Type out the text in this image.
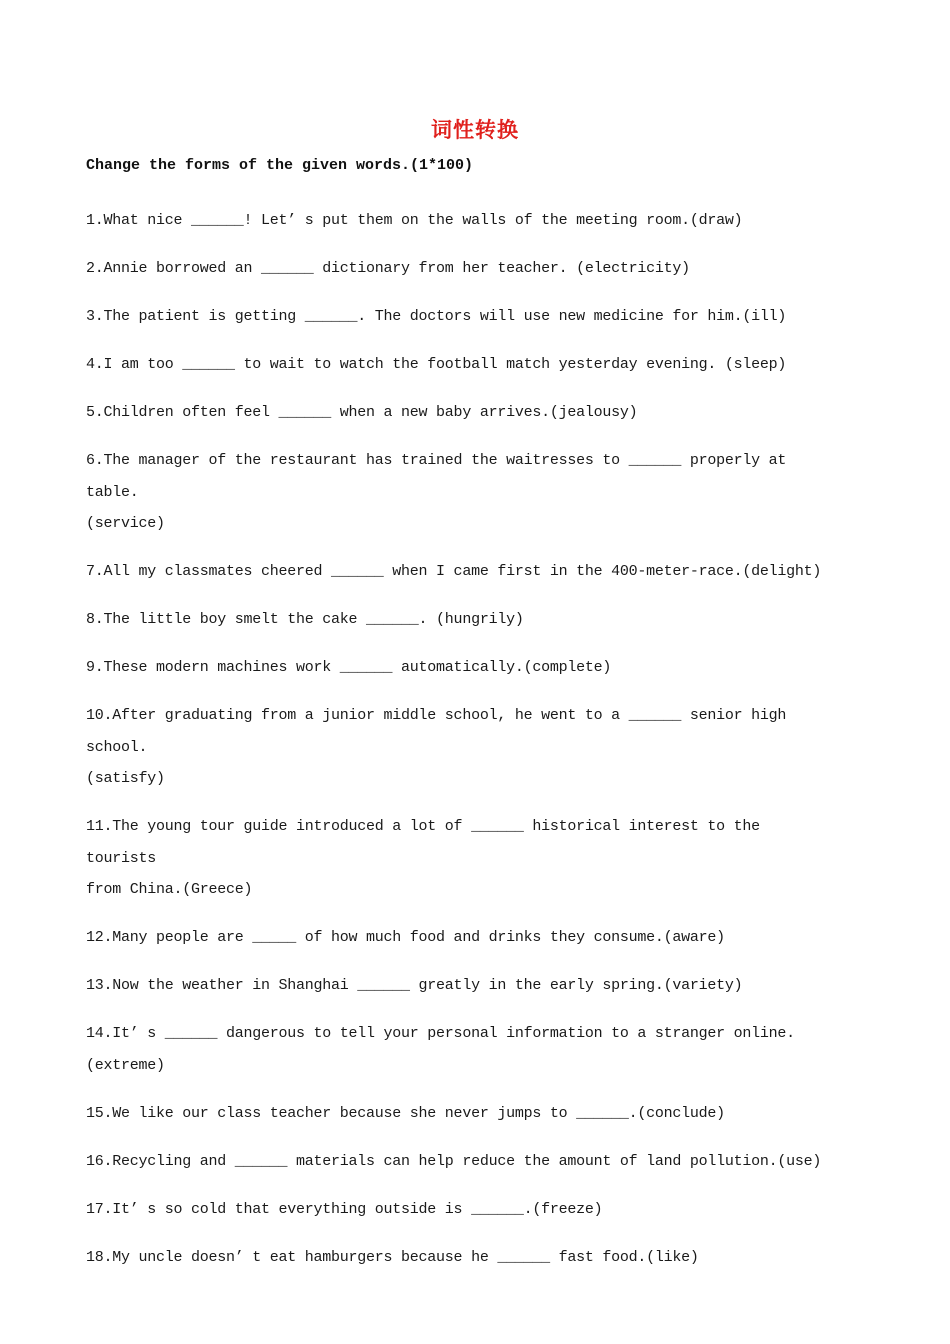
词性转换
Change the forms of the given words.(1*100)

1.What nice ______! Let’ s put them on the walls of the meeting room.(draw)

2.Annie borrowed an ______ dictionary from her teacher. (electricity)

3.The patient is getting ______. The doctors will use new medicine for him.(ill)

4.I am too ______ to wait to watch the football match yesterday evening. (sleep)

5.Children often feel ______ when a new baby arrives.(jealousy)

6.The manager of the restaurant has trained the waitresses to ______ properly at table.
(service)

7.All my classmates cheered ______ when I came first in the 400-meter-race.(delight)

8.The little boy smelt the cake ______. (hungrily)

9.These modern machines work ______ automatically.(complete)

10.After graduating from a junior middle school, he went to a ______ senior high school.
(satisfy)

11.The young tour guide introduced a lot of ______ historical interest to the tourists
from China.(Greece)

12.Many people are _____ of how much food and drinks they consume.(aware)

13.Now the weather in Shanghai ______ greatly in the early spring.(variety)

14.It’ s ______ dangerous to tell your personal information to a stranger online.
(extreme)

15.We like our class teacher because she never jumps to ______.(conclude)

16.Recycling and ______ materials can help reduce the amount of land pollution.(use)

17.It’ s so cold that everything outside is ______.(freeze)

18.My uncle doesn’ t eat hamburgers because he ______ fast food.(like)
